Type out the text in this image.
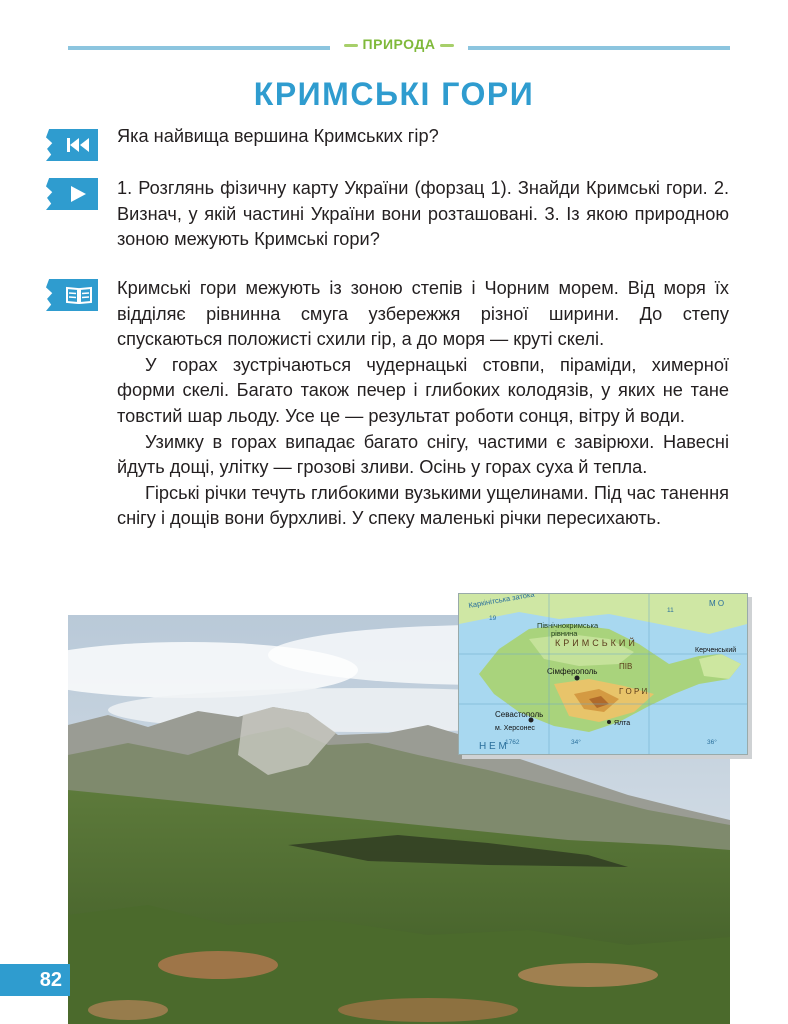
ПРИРОДА
КРИМСЬКІ ГОРИ

Яка найвища вершина Кримських гір?

1. Розглянь фізичну карту України (форзац 1). Знайди Кримські гори. 2. Визнач, у якій частині України вони розташовані. 3. Із якою природною зоною межують Кримські гори?

Кримські гори межують із зоною степів і Чорним морем. Від моря їх відділяє рівнинна смуга узбережжя різної ширини. До степу спускаються положисті схили гір, а до моря — круті скелі.

У горах зустрічаються чудернацькі стовпи, піраміди, химерної форми скелі. Багато також печер і глибоких колодязів, у яких не тане товстий шар льоду. Усе це — результат роботи сонця, вітру й води.

Узимку в горах випадає багато снігу, частими є завірюхи. Навесні йдуть дощі, улітку — грозові зливи. Осінь у горах суха й тепла.

Гірські річки течуть глибокими вузькими ущелинами. Під час танення снігу і дощів вони бурхливі. У спеку маленькі річки пересихають.

Каркінітська затока
Північнокримська
рівнина
КРИМСЬКИЙ
ПІВ
Сімферополь
Севастополь
м. Херсонес
Керченський
Ялта
Г О Р И
М О
Н Е М
19
11
1762	36°
34°
82
